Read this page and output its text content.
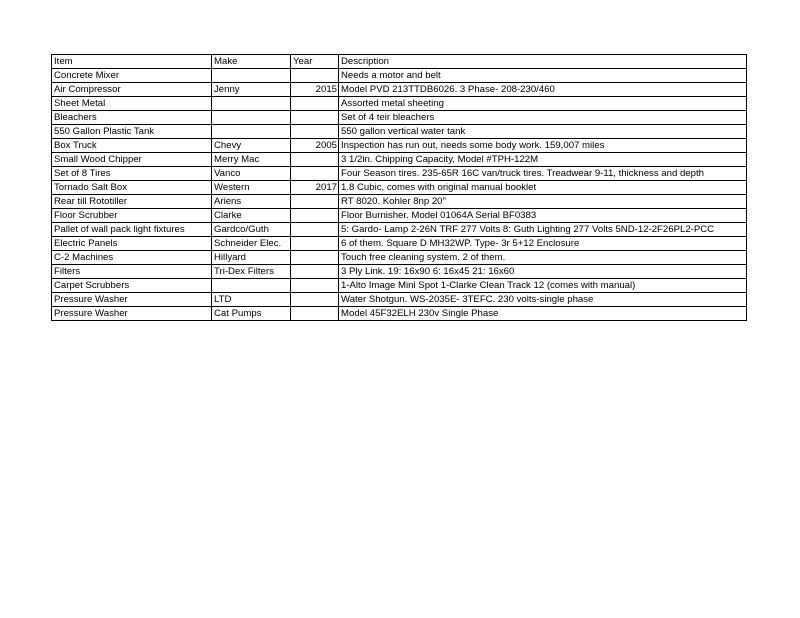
Item	Make	Year	Description
Concrete Mixer			Needs a motor and belt
Air Compressor	Jenny	2015	Model PVD 213TTDB6026. 3 Phase- 208-230/460
Sheet Metal			Assorted metal sheeting
Bleachers			Set of 4 teir bleachers
550 Gallon Plastic Tank			550 gallon vertical water tank
Box Truck	Chevy	2005	Inspection has run out, needs some body work. 159,007 miles
Small Wood Chipper	Merry Mac		3 1/2in. Chipping Capacity, Model #TPH-122M
Set of 8 Tires	Vanco		Four Season tires. 235-65R 16C van/truck tires. Treadwear 9-11, thickness and depth
Tornado Salt Box	Western	2017	1.8 Cubic, comes with original manual booklet
Rear till Rototiller	Ariens		RT 8020. Kohler 8np 20"
Floor Scrubber	Clarke		Floor Burnisher. Model 01064A Serial BF0383
Pallet of wall pack light fixtures	Gardco/Guth		5: Gardo- Lamp 2-26N TRF 277 Volts 8: Guth Lighting 277 Volts 5ND-12-2F26PL2-PCC
Electric Panels	Schneider Elec.		6 of them. Square D MH32WP. Type- 3r 5+12 Enclosure
C-2 Machines	Hillyard		Touch free cleaning system. 2 of them.
Filters	Tri-Dex Filters		3 Ply Link. 19: 16x90 6: 16x45 21: 16x60
Carpet Scrubbers			1-Alto Image Mini Spot 1-Clarke Clean Track 12 (comes with manual)
Pressure Washer	LTD		Water Shotgun. WS-2035E- 3TEFC. 230 volts-single phase
Pressure Washer	Cat Pumps		Model 45F32ELH 230v Single Phase
